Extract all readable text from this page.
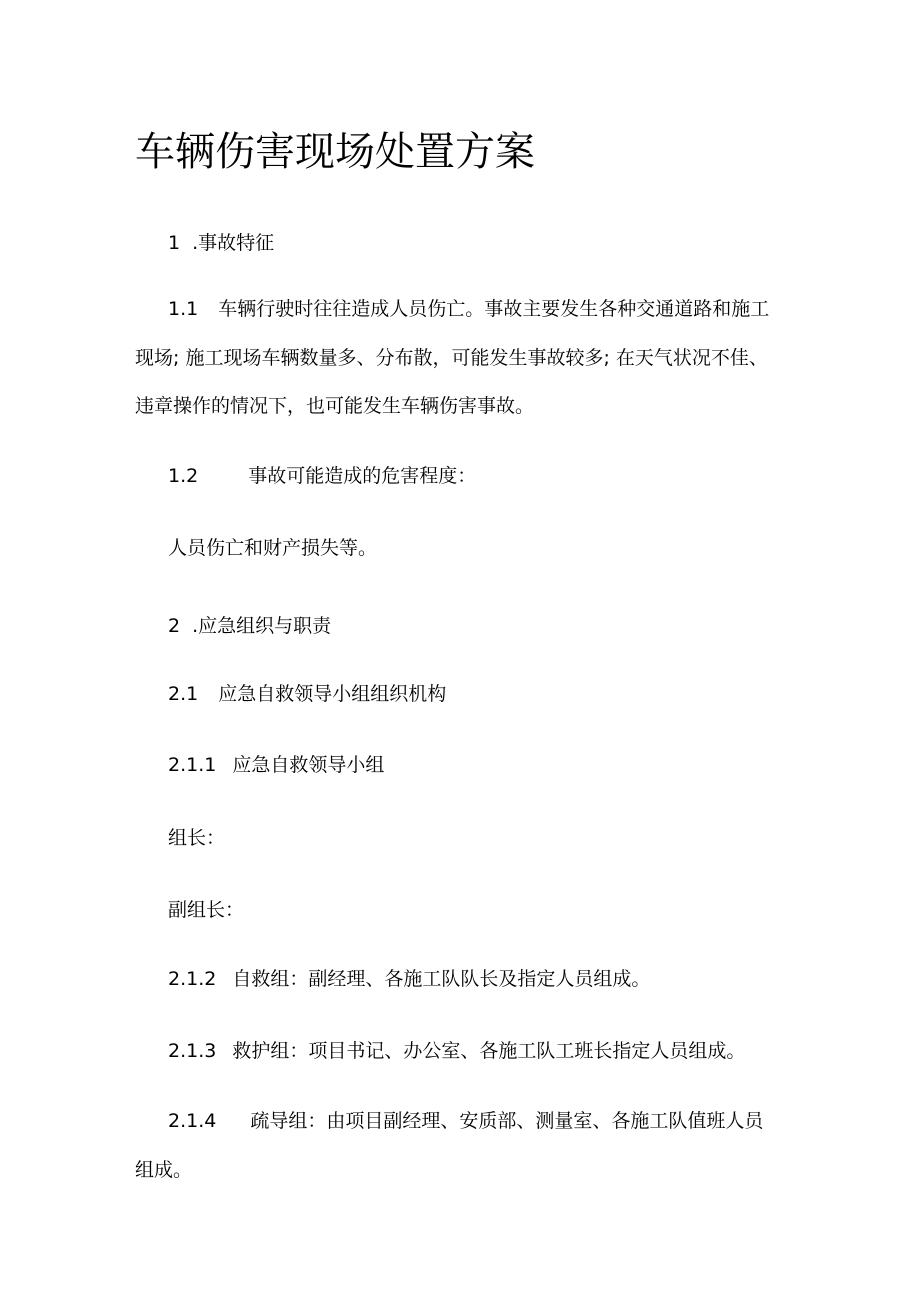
车辆伤害现场处置方案

1 .事故特征

1.1 车辆行驶时往往造成人员伤亡。事故主要发生各种交通道路和施工

现场; 施工现场车辆数量多、分布散，可能发生事故较多; 在天气状况不佳、

违章操作的情况下，也可能发生车辆伤害事故。

1.2	事故可能造成的危害程度：

人员伤亡和财产损失等。

2 .应急组织与职责

2.1 应急自救领导小组组织机构

2.1.1 应急自救领导小组

组长：

副组长：

2.1.2 自救组：副经理、各施工队队长及指定人员组成。

2.1.3 救护组：项目书记、办公室、各施工队工班长指定人员组成。

2.1.4 疏导组：由项目副经理、安质部、测量室、各施工队值班人员

组成。
